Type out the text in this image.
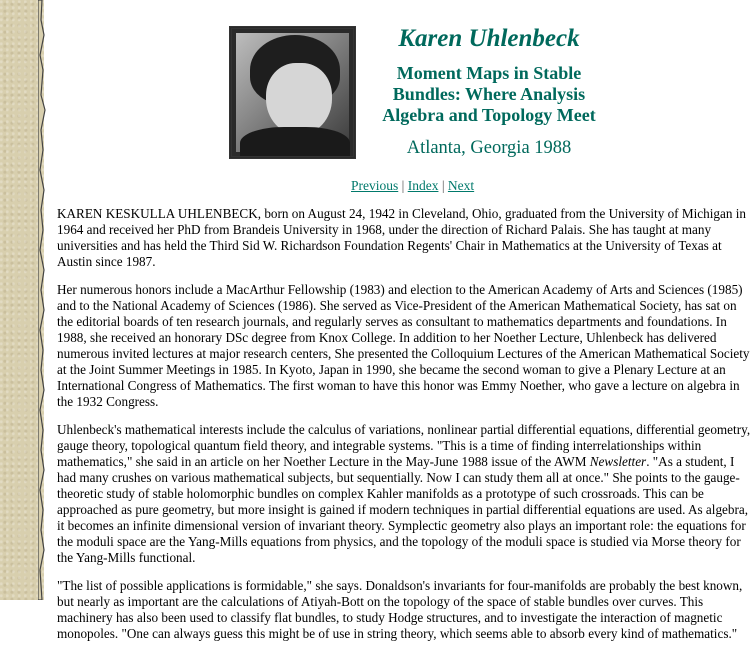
Karen Uhlenbeck
Moment Maps in Stable Bundles: Where Analysis Algebra and Topology Meet
Atlanta, Georgia 1988
Previous | Index | Next

KAREN KESKULLA UHLENBECK, born on August 24, 1942 in Cleveland, Ohio, graduated from the University of Michigan in 1964 and received her PhD from Brandeis University in 1968, under the direction of Richard Palais. She has taught at many universities and has held the Third Sid W. Richardson Foundation Regents' Chair in Mathematics at the University of Texas at Austin since 1987.

Her numerous honors include a MacArthur Fellowship (1983) and election to the American Academy of Arts and Sciences (1985) and to the National Academy of Sciences (1986). She served as Vice-President of the American Mathematical Society, has sat on the editorial boards of ten research journals, and regularly serves as consultant to mathematics departments and foundations. In 1988, she received an honorary DSc degree from Knox College. In addition to her Noether Lecture, Uhlenbeck has delivered numerous invited lectures at major research centers, She presented the Colloquium Lectures of the American Mathematical Society at the Joint Summer Meetings in 1985. In Kyoto, Japan in 1990, she became the second woman to give a Plenary Lecture at an International Congress of Mathematics. The first woman to have this honor was Emmy Noether, who gave a lecture on algebra in the 1932 Congress.

Uhlenbeck's mathematical interests include the calculus of variations, nonlinear partial differential equations, differential geometry, gauge theory, topological quantum field theory, and integrable systems. "This is a time of finding interrelationships within mathematics," she said in an article on her Noether Lecture in the May-June 1988 issue of the AWM Newsletter. "As a student, I had many crushes on various mathematical subjects, but sequentially. Now I can study them all at once." She points to the gauge-theoretic study of stable holomorphic bundles on complex Kahler manifolds as a prototype of such crossroads. This can be approached as pure geometry, but more insight is gained if modern techniques in partial differential equations are used. As algebra, it becomes an infinite dimensional version of invariant theory. Symplectic geometry also plays an important role: the equations for the moduli space are the Yang-Mills equations from physics, and the topology of the moduli space is studied via Morse theory for the Yang-Mills functional.

"The list of possible applications is formidable," she says. Donaldson's invariants for four-manifolds are probably the best known, but nearly as important are the calculations of Atiyah-Bott on the topology of the space of stable bundles over curves. This machinery has also been used to classify flat bundles, to study Hodge structures, and to investigate the interaction of magnetic monopoles. "One can always guess this might be of use in string theory, which seems able to absorb every kind of mathematics."
